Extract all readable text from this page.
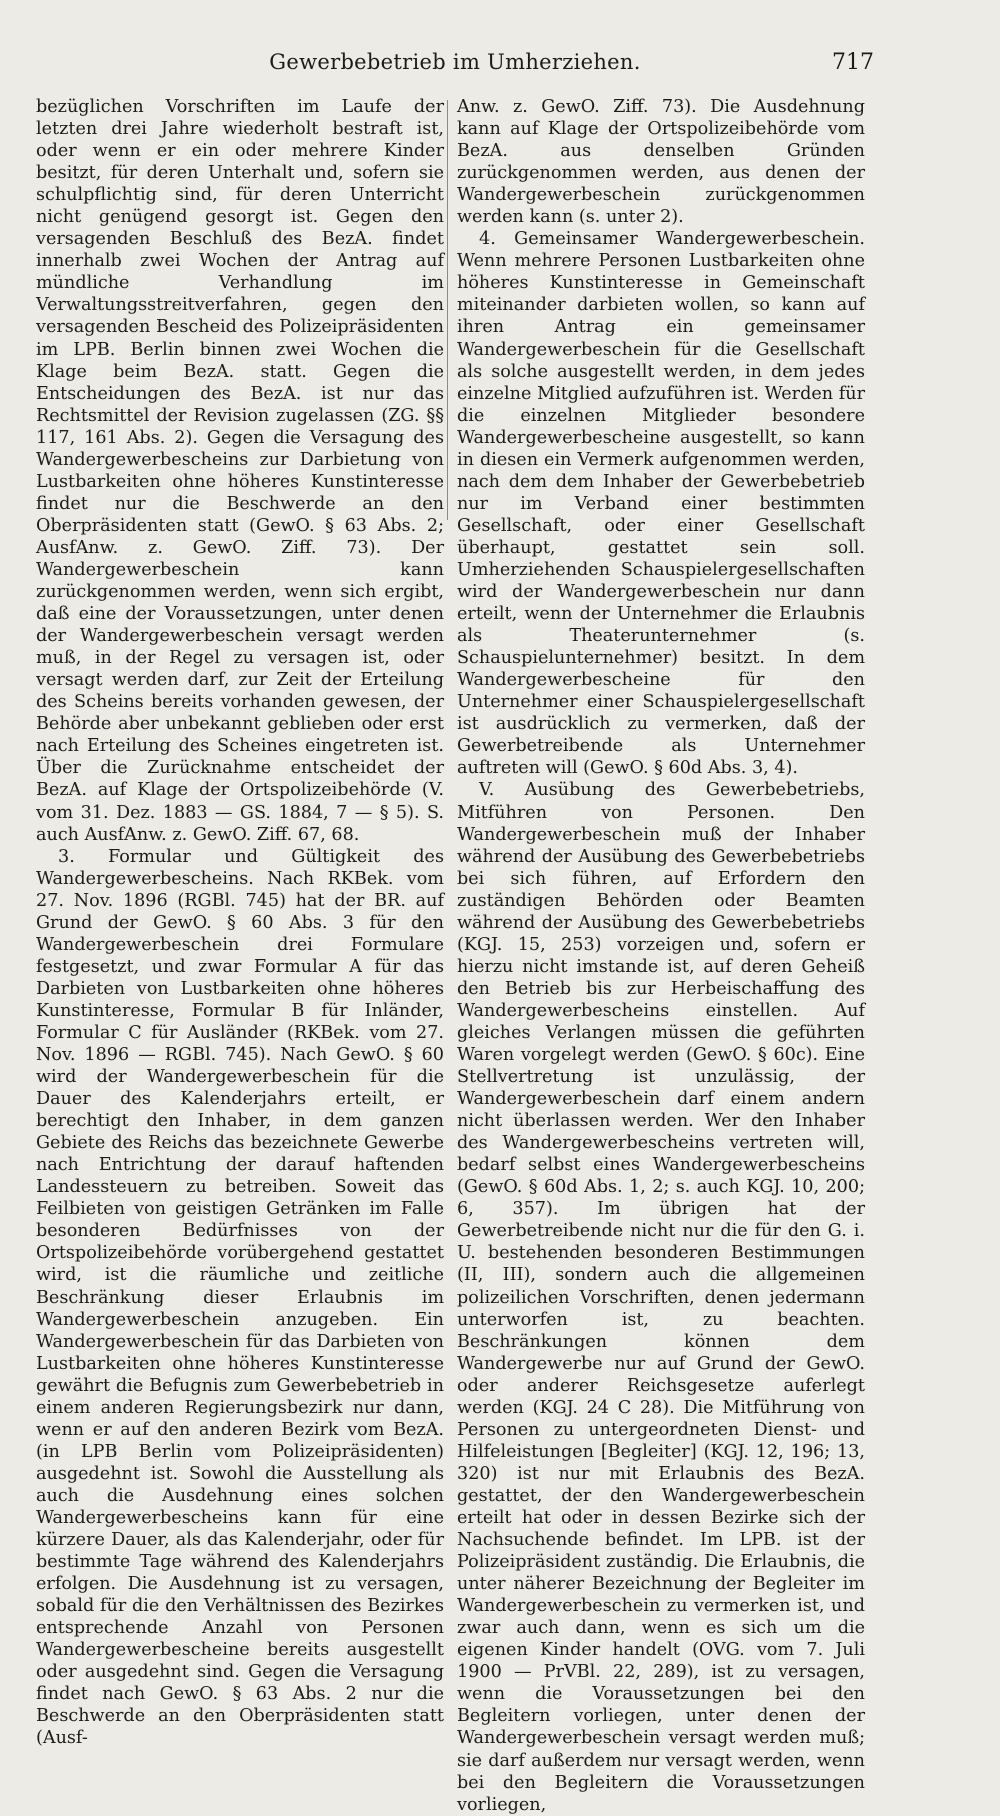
Gewerbebetrieb im Umherziehen.	717

bezüglichen Vorschriften im Laufe der letzten drei Jahre wiederholt bestraft ist, oder wenn er ein oder mehrere Kinder besitzt, für deren Unterhalt und, sofern sie schulpflichtig sind, für deren Unterricht nicht genügend gesorgt ist. Gegen den versagenden Beschluß des BezA. findet innerhalb zwei Wochen der Antrag auf mündliche Verhandlung im Verwaltungsstreitverfahren, gegen den versagenden Bescheid des Polizeipräsidenten im LPB. Berlin binnen zwei Wochen die Klage beim BezA. statt. Gegen die Entscheidungen des BezA. ist nur das Rechtsmittel der Revision zugelassen (ZG. §§ 117, 161 Abs. 2). Gegen die Versagung des Wandergewerbescheins zur Darbietung von Lustbarkeiten ohne höheres Kunstinteresse findet nur die Beschwerde an den Oberpräsidenten statt (GewO. § 63 Abs. 2; AusfAnw. z. GewO. Ziff. 73). Der Wandergewerbeschein kann zurückgenommen werden, wenn sich ergibt, daß eine der Voraussetzungen, unter denen der Wandergewerbeschein versagt werden muß, in der Regel zu versagen ist, oder versagt werden darf, zur Zeit der Erteilung des Scheins bereits vorhanden gewesen, der Behörde aber unbekannt geblieben oder erst nach Erteilung des Scheines eingetreten ist. Über die Zurücknahme entscheidet der BezA. auf Klage der Ortspolizeibehörde (V. vom 31. Dez. 1883 — GS. 1884, 7 — § 5). S. auch AusfAnw. z. GewO. Ziff. 67, 68.

3. Formular und Gültigkeit des Wandergewerbescheins. Nach RKBek. vom 27. Nov. 1896 (RGBl. 745) hat der BR. auf Grund der GewO. § 60 Abs. 3 für den Wandergewerbeschein drei Formulare festgesetzt, und zwar Formular A für das Darbieten von Lustbarkeiten ohne höheres Kunstinteresse, Formular B für Inländer, Formular C für Ausländer (RKBek. vom 27. Nov. 1896 — RGBl. 745). Nach GewO. § 60 wird der Wandergewerbeschein für die Dauer des Kalenderjahrs erteilt, er berechtigt den Inhaber, in dem ganzen Gebiete des Reichs das bezeichnete Gewerbe nach Entrichtung der darauf haftenden Landessteuern zu betreiben. Soweit das Feilbieten von geistigen Getränken im Falle besonderen Bedürfnisses von der Ortspolizeibehörde vorübergehend gestattet wird, ist die räumliche und zeitliche Beschränkung dieser Erlaubnis im Wandergewerbeschein anzugeben. Ein Wandergewerbeschein für das Darbieten von Lustbarkeiten ohne höheres Kunstinteresse gewährt die Befugnis zum Gewerbebetrieb in einem anderen Regierungsbezirk nur dann, wenn er auf den anderen Bezirk vom BezA. (in LPB Berlin vom Polizeipräsidenten) ausgedehnt ist. Sowohl die Ausstellung als auch die Ausdehnung eines solchen Wandergewerbescheins kann für eine kürzere Dauer, als das Kalenderjahr, oder für bestimmte Tage während des Kalenderjahrs erfolgen. Die Ausdehnung ist zu versagen, sobald für die den Verhältnissen des Bezirkes entsprechende Anzahl von Personen Wandergewerbescheine bereits ausgestellt oder ausgedehnt sind. Gegen die Versagung findet nach GewO. § 63 Abs. 2 nur die Beschwerde an den Oberpräsidenten statt (Ausf-

Anw. z. GewO. Ziff. 73). Die Ausdehnung kann auf Klage der Ortspolizeibehörde vom BezA. aus denselben Gründen zurückgenommen werden, aus denen der Wandergewerbeschein zurückgenommen werden kann (s. unter 2).

4. Gemeinsamer Wandergewerbeschein. Wenn mehrere Personen Lustbarkeiten ohne höheres Kunstinteresse in Gemeinschaft miteinander darbieten wollen, so kann auf ihren Antrag ein gemeinsamer Wandergewerbeschein für die Gesellschaft als solche ausgestellt werden, in dem jedes einzelne Mitglied aufzuführen ist. Werden für die einzelnen Mitglieder besondere Wandergewerbescheine ausgestellt, so kann in diesen ein Vermerk aufgenommen werden, nach dem dem Inhaber der Gewerbebetrieb nur im Verband einer bestimmten Gesellschaft, oder einer Gesellschaft überhaupt, gestattet sein soll. Umherziehenden Schauspielergesellschaften wird der Wandergewerbeschein nur dann erteilt, wenn der Unternehmer die Erlaubnis als Theaterunternehmer (s. Schauspielunternehmer) besitzt. In dem Wandergewerbescheine für den Unternehmer einer Schauspielergesellschaft ist ausdrücklich zu vermerken, daß der Gewerbetreibende als Unternehmer auftreten will (GewO. § 60d Abs. 3, 4).

V. Ausübung des Gewerbebetriebs, Mitführen von Personen. Den Wandergewerbeschein muß der Inhaber während der Ausübung des Gewerbebetriebs bei sich führen, auf Erfordern den zuständigen Behörden oder Beamten während der Ausübung des Gewerbebetriebs (KGJ. 15, 253) vorzeigen und, sofern er hierzu nicht imstande ist, auf deren Geheiß den Betrieb bis zur Herbeischaffung des Wandergewerbescheins einstellen. Auf gleiches Verlangen müssen die geführten Waren vorgelegt werden (GewO. § 60c). Eine Stellvertretung ist unzulässig, der Wandergewerbeschein darf einem andern nicht überlassen werden. Wer den Inhaber des Wandergewerbescheins vertreten will, bedarf selbst eines Wandergewerbescheins (GewO. § 60d Abs. 1, 2; s. auch KGJ. 10, 200; 6, 357). Im übrigen hat der Gewerbetreibende nicht nur die für den G. i. U. bestehenden besonderen Bestimmungen (II, III), sondern auch die allgemeinen polizeilichen Vorschriften, denen jedermann unterworfen ist, zu beachten. Beschränkungen können dem Wandergewerbe nur auf Grund der GewO. oder anderer Reichsgesetze auferlegt werden (KGJ. 24 C 28). Die Mitführung von Personen zu untergeordneten Dienst- und Hilfeleistungen [Begleiter] (KGJ. 12, 196; 13, 320) ist nur mit Erlaubnis des BezA. gestattet, der den Wandergewerbeschein erteilt hat oder in dessen Bezirke sich der Nachsuchende befindet. Im LPB. ist der Polizeipräsident zuständig. Die Erlaubnis, die unter näherer Bezeichnung der Begleiter im Wandergewerbeschein zu vermerken ist, und zwar auch dann, wenn es sich um die eigenen Kinder handelt (OVG. vom 7. Juli 1900 — PrVBl. 22, 289), ist zu versagen, wenn die Voraussetzungen bei den Begleitern vorliegen, unter denen der Wandergewerbeschein versagt werden muß; sie darf außerdem nur versagt werden, wenn bei den Begleitern die Voraussetzungen vorliegen,
